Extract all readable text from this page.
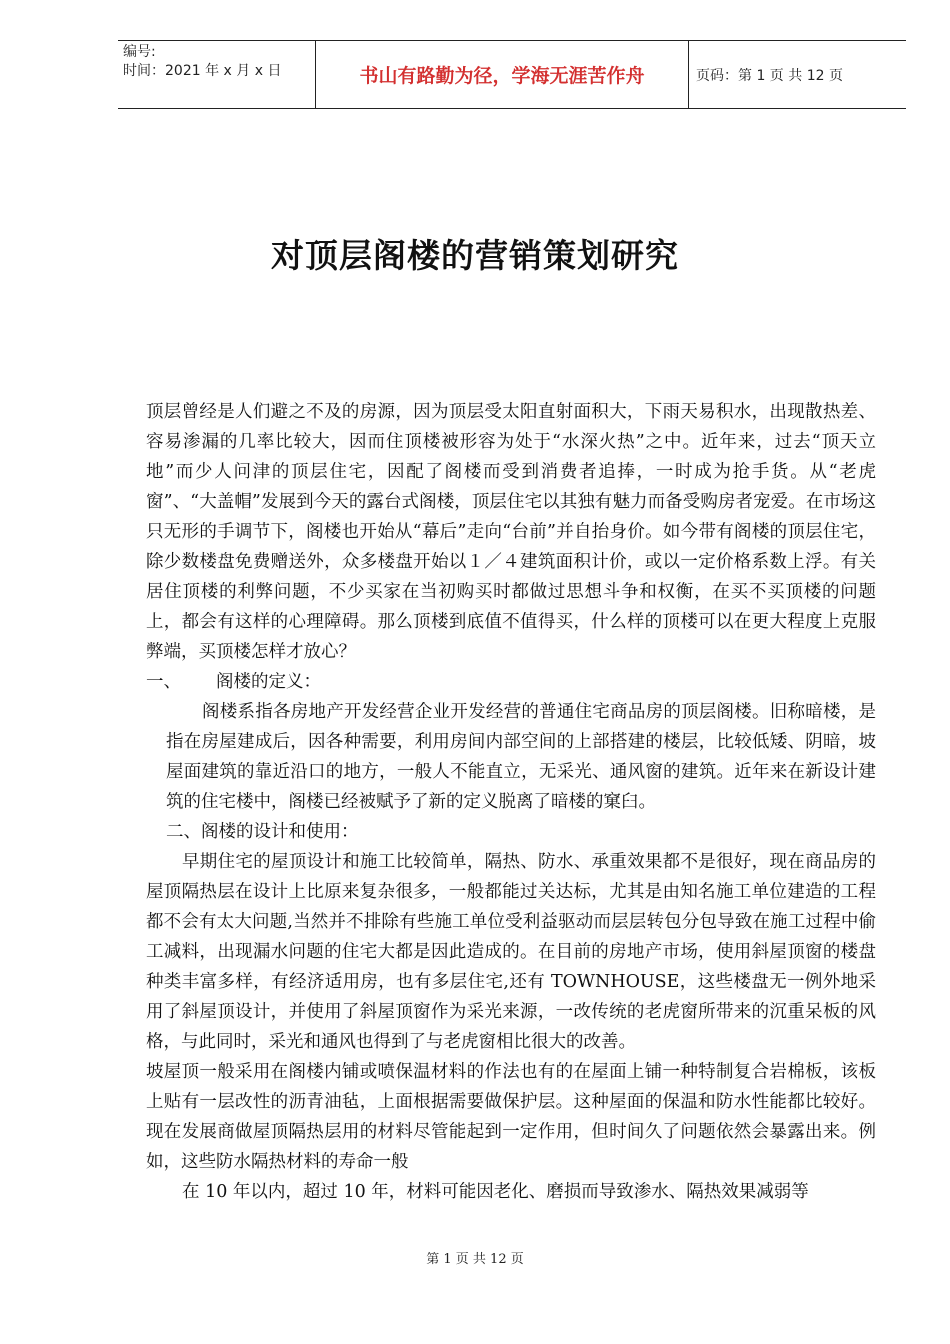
编号:
时间：2021 年 x 月 x 日	书山有路勤为径，学海无涯苦作舟	页码：第 1 页 共 12 页
对顶层阁楼的营销策划研究

顶层曾经是人们避之不及的房源，因为顶层受太阳直射面积大，下雨天易积水，出现散热差、容易渗漏的几率比较大，因而住顶楼被形容为处于“水深火热”之中。近年来，过去“顶天立地”而少人问津的顶层住宅，因配了阁楼而受到消费者追捧，一时成为抢手货。从“老虎窗”、“大盖帽”发展到今天的露台式阁楼，顶层住宅以其独有魅力而备受购房者宠爱。在市场这只无形的手调节下，阁楼也开始从“幕后”走向“台前”并自抬身价。如今带有阁楼的顶层住宅，除少数楼盘免费赠送外，众多楼盘开始以１／４建筑面积计价，或以一定价格系数上浮。有关居住顶楼的利弊问题，不少买家在当初购买时都做过思想斗争和权衡，在买不买顶楼的问题上，都会有这样的心理障碍。那么顶楼到底值不值得买，什么样的顶楼可以在更大程度上克服弊端，买顶楼怎样才放心？

一、	阁楼的定义：

阁楼系指各房地产开发经营企业开发经营的普通住宅商品房的顶层阁楼。旧称暗楼，是指在房屋建成后，因各种需要，利用房间内部空间的上部搭建的楼层，比较低矮、阴暗，坡屋面建筑的靠近沿口的地方，一般人不能直立，无采光、通风窗的建筑。近年来在新设计建筑的住宅楼中，阁楼已经被赋予了新的定义脱离了暗楼的窠臼。

二、阁楼的设计和使用：

早期住宅的屋顶设计和施工比较简单，隔热、防水、承重效果都不是很好，现在商品房的屋顶隔热层在设计上比原来复杂很多，一般都能过关达标，尤其是由知名施工单位建造的工程都不会有太大问题,当然并不排除有些施工单位受利益驱动而层层转包分包导致在施工过程中偷工减料，出现漏水问题的住宅大都是因此造成的。在目前的房地产市场，使用斜屋顶窗的楼盘种类丰富多样，有经济适用房，也有多层住宅,还有 TOWNHOUSE，这些楼盘无一例外地采用了斜屋顶设计，并使用了斜屋顶窗作为采光来源，一改传统的老虎窗所带来的沉重呆板的风格，与此同时，采光和通风也得到了与老虎窗相比很大的改善。

坡屋顶一般采用在阁楼内铺或喷保温材料的作法也有的在屋面上铺一种特制复合岩棉板，该板上贴有一层改性的沥青油毡，上面根据需要做保护层。这种屋面的保温和防水性能都比较好。现在发展商做屋顶隔热层用的材料尽管能起到一定作用，但时间久了问题依然会暴露出来。例如，这些防水隔热材料的寿命一般

在 10 年以内，超过 10 年，材料可能因老化、磨损而导致渗水、隔热效果减弱等

第 1 页 共 12 页
